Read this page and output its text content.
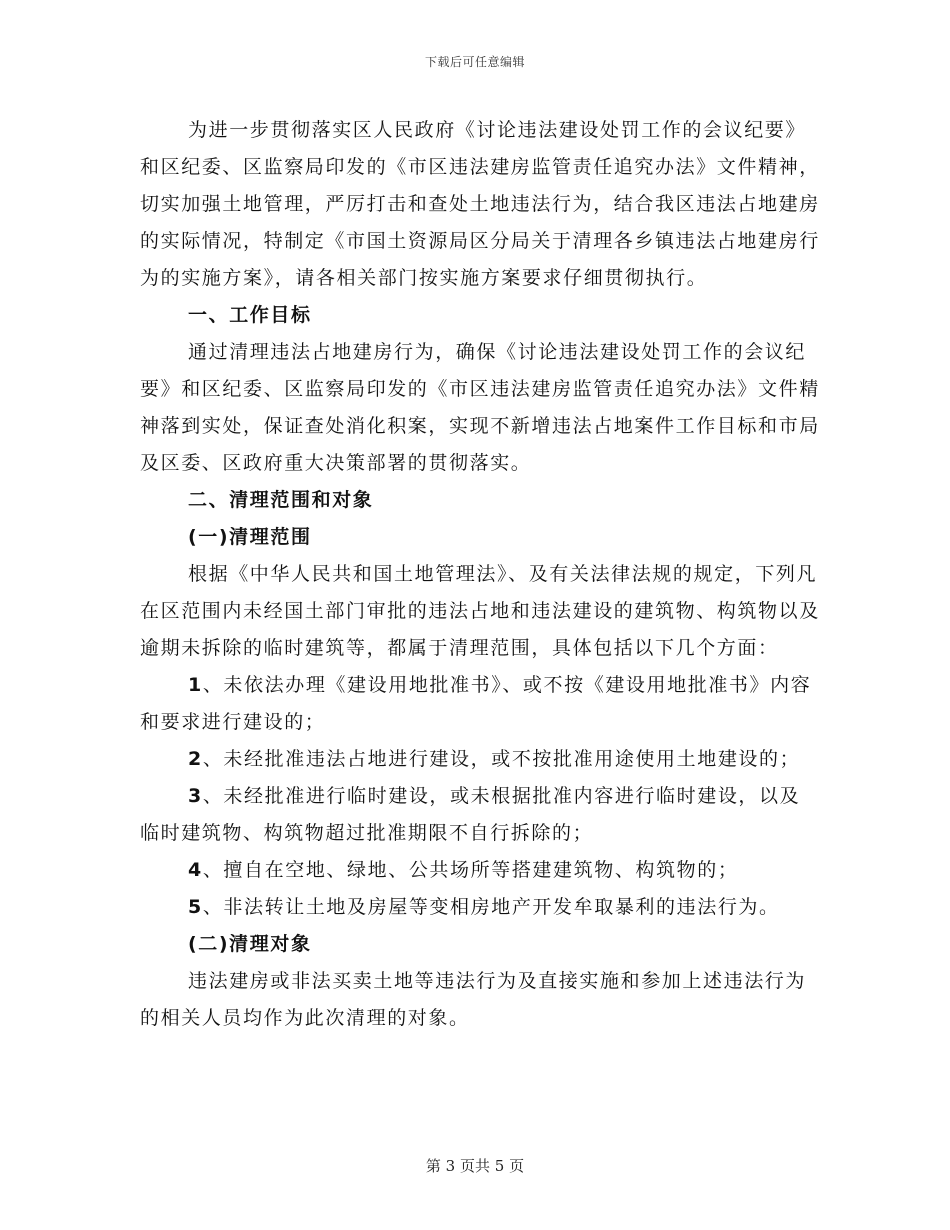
下载后可任意编辑

为进一步贯彻落实区人民政府《讨论违法建设处罚工作的会议纪要》和区纪委、区监察局印发的《市区违法建房监管责任追究办法》文件精神，切实加强土地管理，严厉打击和查处土地违法行为，结合我区违法占地建房的实际情况，特制定《市国土资源局区分局关于清理各乡镇违法占地建房行为的实施方案》，请各相关部门按实施方案要求仔细贯彻执行。

一、工作目标

通过清理违法占地建房行为，确保《讨论违法建设处罚工作的会议纪要》和区纪委、区监察局印发的《市区违法建房监管责任追究办法》文件精神落到实处，保证查处消化积案，实现不新增违法占地案件工作目标和市局及区委、区政府重大决策部署的贯彻落实。

二、清理范围和对象

(一)清理范围

根据《中华人民共和国土地管理法》、及有关法律法规的规定，下列凡在区范围内未经国土部门审批的违法占地和违法建设的建筑物、构筑物以及逾期未拆除的临时建筑等，都属于清理范围，具体包括以下几个方面：

1、未依法办理《建设用地批准书》、或不按《建设用地批准书》内容和要求进行建设的；

2、未经批准违法占地进行建设，或不按批准用途使用土地建设的；

3、未经批准进行临时建设，或未根据批准内容进行临时建设，以及临时建筑物、构筑物超过批准期限不自行拆除的；

4、擅自在空地、绿地、公共场所等搭建建筑物、构筑物的；

5、非法转让土地及房屋等变相房地产开发牟取暴利的违法行为。

(二)清理对象

违法建房或非法买卖土地等违法行为及直接实施和参加上述违法行为的相关人员均作为此次清理的对象。

第 3 页共 5 页
